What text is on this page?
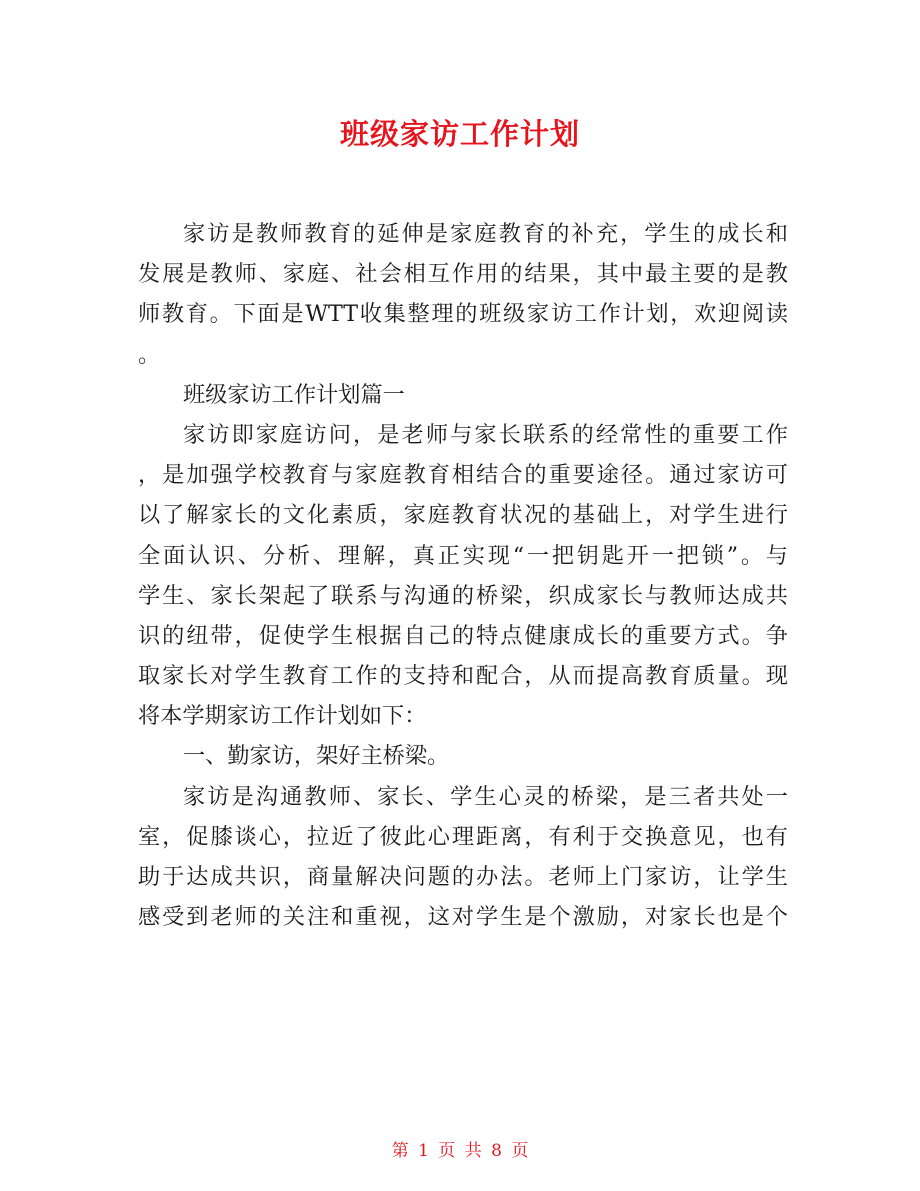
班级家访工作计划
家访是教师教育的延伸是家庭教育的补充，学生的成长和
发展是教师、家庭、社会相互作用的结果，其中最主要的是教
师教育。下面是WTT收集整理的班级家访工作计划，欢迎阅读
。
班级家访工作计划篇一
家访即家庭访问，是老师与家长联系的经常性的重要工作
，是加强学校教育与家庭教育相结合的重要途径。通过家访可
以了解家长的文化素质，家庭教育状况的基础上，对学生进行
全面认识、分析、理解，真正实现“一把钥匙开一把锁”。与
学生、家长架起了联系与沟通的桥梁，织成家长与教师达成共
识的纽带，促使学生根据自己的特点健康成长的重要方式。争
取家长对学生教育工作的支持和配合，从而提高教育质量。现
将本学期家访工作计划如下：
一、勤家访，架好主桥梁。
家访是沟通教师、家长、学生心灵的桥梁，是三者共处一
室，促膝谈心，拉近了彼此心理距离，有利于交换意见，也有
助于达成共识，商量解决问题的办法。老师上门家访，让学生
感受到老师的关注和重视，这对学生是个激励，对家长也是个
第 1 页 共 8 页
